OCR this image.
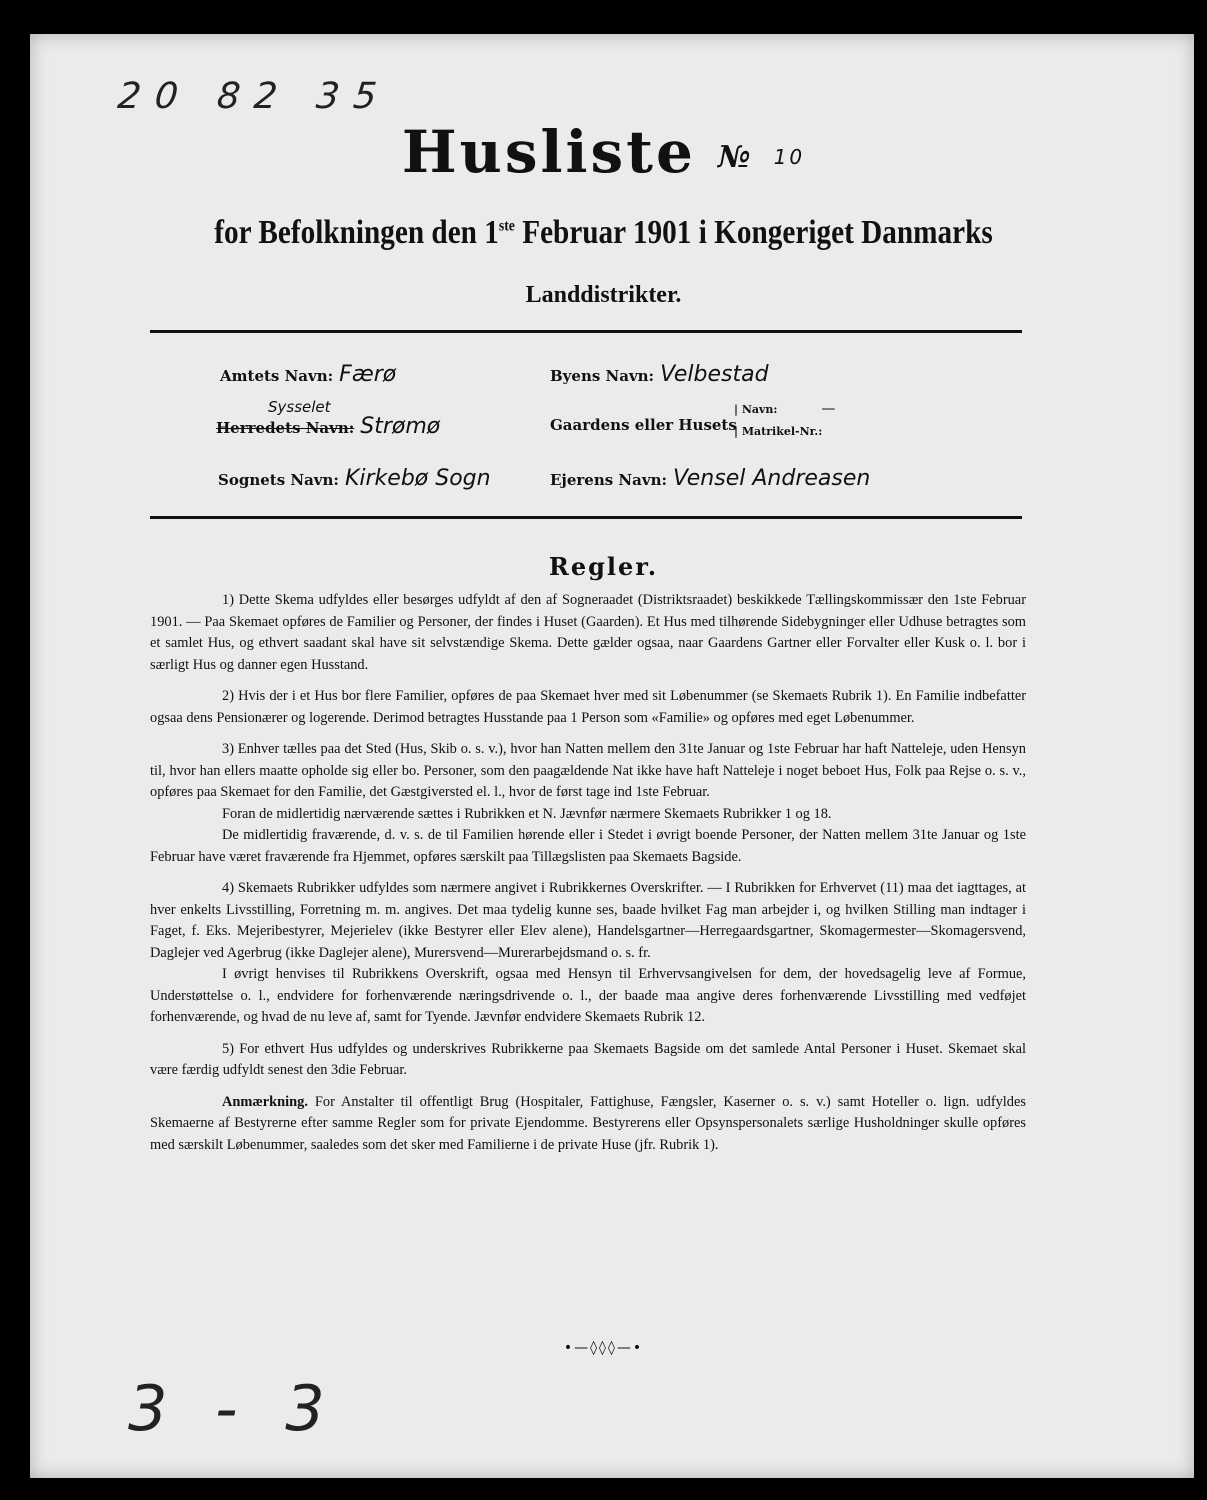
20 82 35
Husliste № 10
for Befolkningen den 1ste Februar 1901 i Kongeriget Danmarks
Landdistrikter.
Amtets Navn: Færø
Sysselet
Herredets Navn: Strømø
Sognets Navn: Kirkebø Sogn
Byens Navn: Velbestad
Gaardens eller Husets
| Navn:	—
| Matrikel-Nr.:
Ejerens Navn: Vensel Andreasen
Regler.

1) Dette Skema udfyldes eller besørges udfyldt af den af Sogneraadet (Distriktsraadet) beskikkede Tællingskommissær den 1ste Februar 1901. — Paa Skemaet opføres de Familier og Personer, der findes i Huset (Gaarden). Et Hus med tilhørende Sidebygninger eller Udhuse betragtes som et samlet Hus, og ethvert saadant skal have sit selvstændige Skema. Dette gælder ogsaa, naar Gaardens Gartner eller Forvalter eller Kusk o. l. bor i særligt Hus og danner egen Husstand.

2) Hvis der i et Hus bor flere Familier, opføres de paa Skemaet hver med sit Løbenummer (se Skemaets Rubrik 1). En Familie indbefatter ogsaa dens Pensionærer og logerende. Derimod betragtes Husstande paa 1 Person som «Familie» og opføres med eget Løbenummer.

3) Enhver tælles paa det Sted (Hus, Skib o. s. v.), hvor han Natten mellem den 31te Januar og 1ste Februar har haft Natteleje, uden Hensyn til, hvor han ellers maatte opholde sig eller bo. Personer, som den paagældende Nat ikke have haft Natteleje i noget beboet Hus, Folk paa Rejse o. s. v., opføres paa Skemaet for den Familie, det Gæstgiversted el. l., hvor de først tage ind 1ste Februar.

Foran de midlertidig nærværende sættes i Rubrikken et N. Jævnfør nærmere Skemaets Rubrikker 1 og 18.

De midlertidig fraværende, d. v. s. de til Familien hørende eller i Stedet i øvrigt boende Personer, der Natten mellem 31te Januar og 1ste Februar have været fraværende fra Hjemmet, opføres særskilt paa Tillægslisten paa Skemaets Bagside.

4) Skemaets Rubrikker udfyldes som nærmere angivet i Rubrikkernes Overskrifter. — I Rubrikken for Erhvervet (11) maa det iagttages, at hver enkelts Livsstilling, Forretning m. m. angives. Det maa tydelig kunne ses, baade hvilket Fag man arbejder i, og hvilken Stilling man indtager i Faget, f. Eks. Mejeribestyrer, Mejerielev (ikke Bestyrer eller Elev alene), Handelsgartner—Herregaardsgartner, Skomagermester—Skomagersvend, Daglejer ved Agerbrug (ikke Daglejer alene), Murersvend—Murerarbejdsmand o. s. fr.

I øvrigt henvises til Rubrikkens Overskrift, ogsaa med Hensyn til Erhvervsangivelsen for dem, der hovedsagelig leve af Formue, Understøttelse o. l., endvidere for forhenværende næringsdrivende o. l., der baade maa angive deres forhenværende Livsstilling med vedføjet forhenværende, og hvad de nu leve af, samt for Tyende. Jævnfør endvidere Skemaets Rubrik 12.

5) For ethvert Hus udfyldes og underskrives Rubrikkerne paa Skemaets Bagside om det samlede Antal Personer i Huset. Skemaet skal være færdig udfyldt senest den 3die Februar.

Anmærkning. For Anstalter til offentligt Brug (Hospitaler, Fattighuse, Fængsler, Kaserner o. s. v.) samt Hoteller o. lign. udfyldes Skemaerne af Bestyrerne efter samme Regler som for private Ejendomme. Bestyrerens eller Opsynspersonalets særlige Husholdninger skulle opføres med særskilt Løbenummer, saaledes som det sker med Familierne i de private Huse (jfr. Rubrik 1).

•—◊◊◊—•
3 - 3
